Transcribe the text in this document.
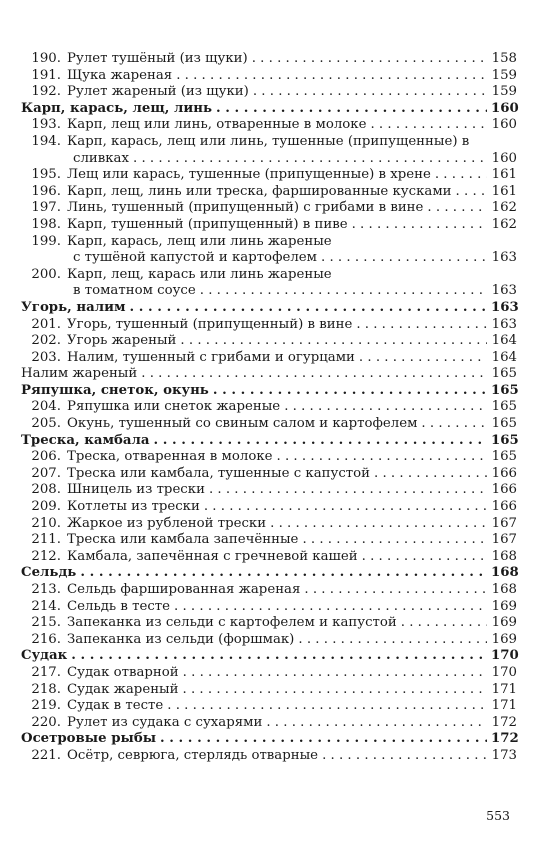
190. Рулет тушёный (из щуки) . . .	158
191. Щука жареная . . .	159
192. Рулет жареный (из щуки) . . .	159
Карп, карась, лещ, линь . . .	160
193. Карп, лещ или линь, отваренные в молоке . . .	160
194. Карп, карась, лещ или линь, тушенные (припущенные) в
сливках . . .	160
195. Лещ или карась, тушенные (припущенные) в хрене . . .	161
196. Карп, лещ, линь или треска, фаршированные кусками . . .	161
197. Линь, тушенный (припущенный) с грибами в вине . . .	162
198. Карп, тушенный (припущенный) в пиве . . .	162
199. Карп, карась, лещ или линь жареные
с тушёной капустой и картофелем . . .	163
200. Карп, лещ, карась или линь жареные
в томатном соусе . . .	163
Угорь, налим . . .	163
201. Угорь, тушенный (припущенный) в вине . . .	163
202. Угорь жареный . . .	164
203. Налим, тушенный с грибами и огурцами . . .	164
Налим жареный . . .	165
Ряпушка, снеток, окунь . . .	165
204. Ряпушка или снеток жареные . . .	165
205. Окунь, тушенный со свиным салом и картофелем . . .	165
Треска, камбала . . .	165
206. Треска, отваренная в молоке . . .	165
207. Треска или камбала, тушенные с капустой . . .	166
208. Шницель из трески . . .	166
209. Котлеты из трески . . .	166
210. Жаркое из рубленой трески . . .	167
211. Треска или камбала запечённые . . .	167
212. Камбала, запечённая с гречневой кашей . . .	168
Сельдь . . .	168
213. Сельдь фаршированная жареная . . .	168
214. Сельдь в тесте . . .	169
215. Запеканка из сельди с картофелем и капустой . . .	169
216. Запеканка из сельди (форшмак) . . .	169
Судак . . .	170
217. Судак отварной . . .	170
218. Судак жареный . . .	171
219. Судак в тесте . . .	171
220. Рулет из судака с сухарями . . .	172
Осетровые рыбы . . .	172
221. Осётр, севрюга, стерлядь отварные . . .	173
553
